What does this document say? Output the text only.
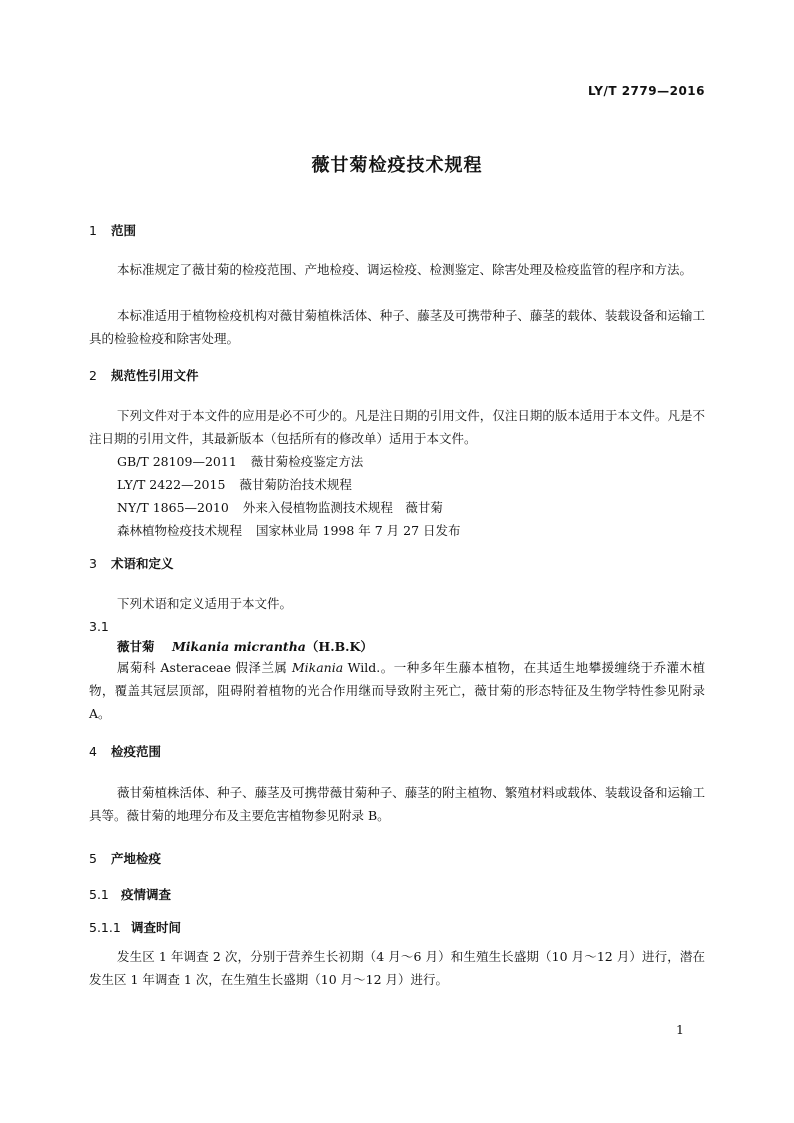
LY/T 2779—2016
薇甘菊检疫技术规程
1 范围
本标准规定了薇甘菊的检疫范围、产地检疫、调运检疫、检测鉴定、除害处理及检疫监管的程序和方法。
本标准适用于植物检疫机构对薇甘菊植株活体、种子、藤茎及可携带种子、藤茎的载体、装载设备和运输工具的检验检疫和除害处理。
2 规范性引用文件
下列文件对于本文件的应用是必不可少的。凡是注日期的引用文件，仅注日期的版本适用于本文件。凡是不注日期的引用文件，其最新版本（包括所有的修改单）适用于本文件。
GB/T 28109—2011 薇甘菊检疫鉴定方法
LY/T 2422—2015 薇甘菊防治技术规程
NY/T 1865—2010 外来入侵植物监测技术规程　薇甘菊
森林植物检疫技术规程 国家林业局 1998 年 7 月 27 日发布
3 术语和定义
下列术语和定义适用于本文件。
3.1
薇甘菊 Mikania micrantha（H.B.K）
属菊科 Asteraceae 假泽兰属 Mikania Wild.。一种多年生藤本植物，在其适生地攀援缠绕于乔灌木植物，覆盖其冠层顶部，阻碍附着植物的光合作用继而导致附主死亡，薇甘菊的形态特征及生物学特性参见附录 A。
4 检疫范围
薇甘菊植株活体、种子、藤茎及可携带薇甘菊种子、藤茎的附主植物、繁殖材料或载体、装载设备和运输工具等。薇甘菊的地理分布及主要危害植物参见附录 B。
5 产地检疫
5.1 疫情调查
5.1.1 调查时间
发生区 1 年调查 2 次，分别于营养生长初期（4 月～6 月）和生殖生长盛期（10 月～12 月）进行，潜在发生区 1 年调查 1 次，在生殖生长盛期（10 月～12 月）进行。
1
